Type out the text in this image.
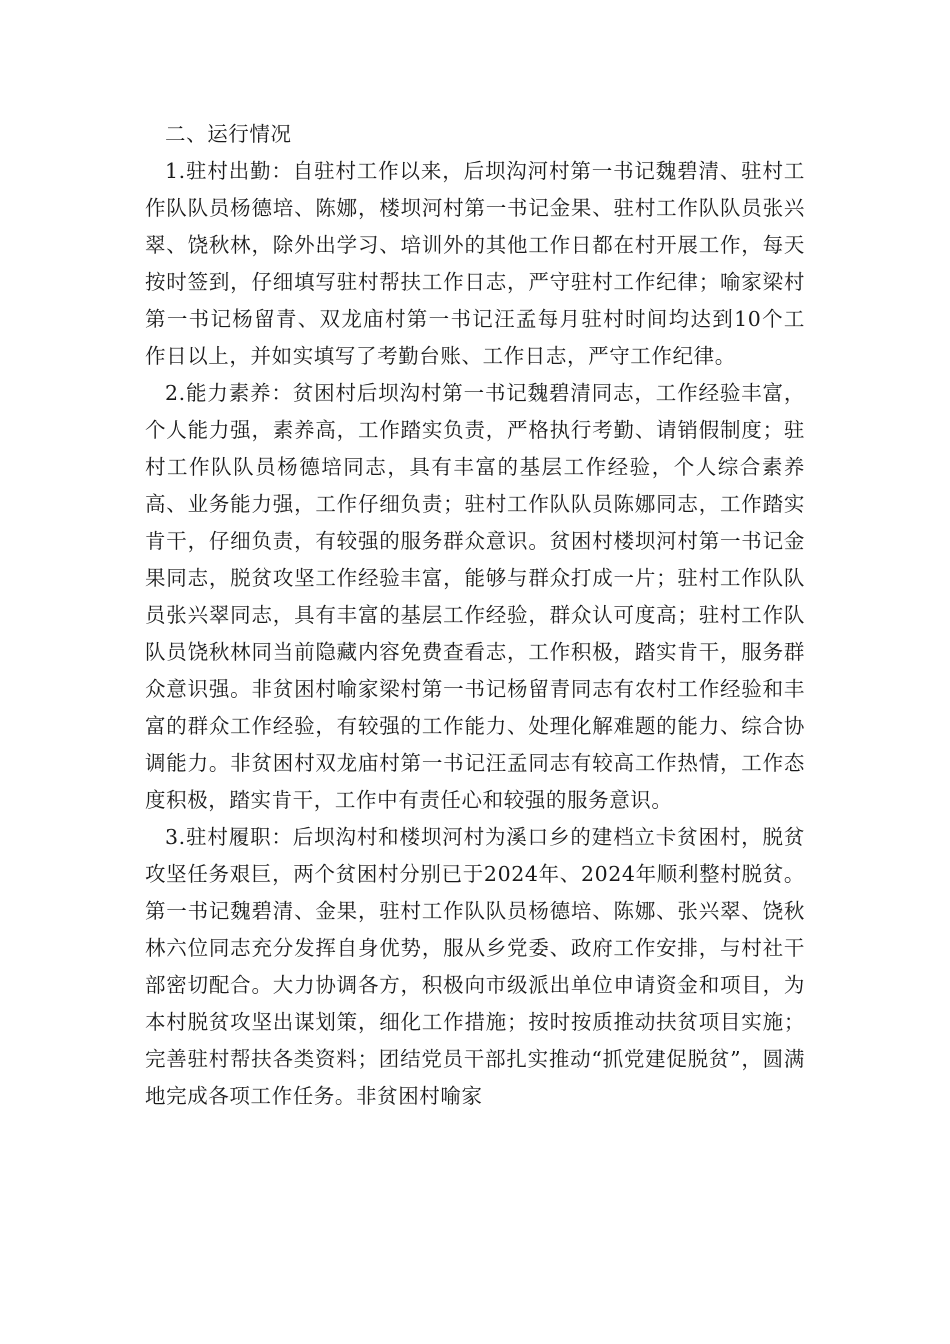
二、运行情况

1.驻村出勤：自驻村工作以来，后坝沟河村第一书记魏碧清、驻村工作队队员杨德培、陈娜，楼坝河村第一书记金果、驻村工作队队员张兴翠、饶秋林，除外出学习、培训外的其他工作日都在村开展工作，每天按时签到，仔细填写驻村帮扶工作日志，严守驻村工作纪律；喻家梁村第一书记杨留青、双龙庙村第一书记汪孟每月驻村时间均达到10个工作日以上，并如实填写了考勤台账、工作日志，严守工作纪律。

2.能力素养：贫困村后坝沟村第一书记魏碧清同志，工作经验丰富，个人能力强，素养高，工作踏实负责，严格执行考勤、请销假制度；驻村工作队队员杨德培同志，具有丰富的基层工作经验，个人综合素养高、业务能力强，工作仔细负责；驻村工作队队员陈娜同志，工作踏实肯干，仔细负责，有较强的服务群众意识。贫困村楼坝河村第一书记金果同志，脱贫攻坚工作经验丰富，能够与群众打成一片；驻村工作队队员张兴翠同志，具有丰富的基层工作经验，群众认可度高；驻村工作队队员饶秋林同当前隐藏内容免费查看志，工作积极，踏实肯干，服务群众意识强。非贫困村喻家梁村第一书记杨留青同志有农村工作经验和丰富的群众工作经验，有较强的工作能力、处理化解难题的能力、综合协调能力。非贫困村双龙庙村第一书记汪孟同志有较高工作热情，工作态度积极，踏实肯干，工作中有责任心和较强的服务意识。

3.驻村履职：后坝沟村和楼坝河村为溪口乡的建档立卡贫困村，脱贫攻坚任务艰巨，两个贫困村分别已于2024年、2024年顺利整村脱贫。第一书记魏碧清、金果，驻村工作队队员杨德培、陈娜、张兴翠、饶秋林六位同志充分发挥自身优势，服从乡党委、政府工作安排，与村社干部密切配合。大力协调各方，积极向市级派出单位申请资金和项目，为本村脱贫攻坚出谋划策，细化工作措施；按时按质推动扶贫项目实施；完善驻村帮扶各类资料；团结党员干部扎实推动“抓党建促脱贫”，圆满地完成各项工作任务。非贫困村喻家
